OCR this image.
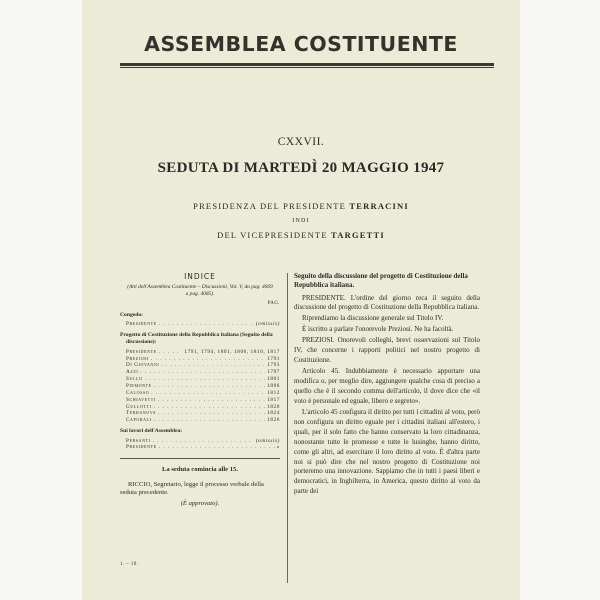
ASSEMBLEA COSTITUENTE
CXXVII.
SEDUTA DI MARTEDÌ 20 MAGGIO 1947
PRESIDENZA DEL PRESIDENTE TERRACINI
INDI
DEL VICEPRESIDENTE TARGETTI
INDICE
(Atti dell'Assemblea Costituente – Discussioni, Vol. V, da pag. 4069 a pag. 4085).
PAG.
Congedo:
Presidente . . .	(omissis)
Progetto di Costituzione della Repubblica italiana (Seguito della discussione):
Presidente . . .	1791, 1794, 1801, 1806, 1810, 1817
Preziosi . . .	1791
Di Giovanni . . .	1793
Azzi . . .	1797
Sullo . . .	1801
Piemonte . . .	1806
Calosso . . .	1812
Schiavetti . . .	1817
Gullotti . . .	1820
Terranova . . .	1824
Caporali . . .	1826
Sui lavori dell'Assemblea:
Persanti . . .	(omissis)
Presidente . . .	»
La seduta comincia alle 15.
RICCIO, Segretario, legge il processo verbale della seduta precedente.
(È approvato).
Seguito della discussione del progetto di Costituzione della Repubblica italiana.

PRESIDENTE. L'ordine del giorno reca il seguito della discussione del progetto di Costituzione della Repubblica italiana.

Riprendiamo la discussione generale sul Titolo IV.

È iscritto a parlare l'onorevole Preziosi. Ne ha facoltà.

PREZIOSI. Onorevoli colleghi, brevi osservazioni sul Titolo IV, che concerne i rapporti politici nel nostro progetto di Costituzione.

Articolo 45. Indubbiamente è necessario apportare una modifica o, per meglio dire, aggiungere qualche cosa di preciso a quello che è il secondo comma dell'articolo, il dove dice che «il voto è personale ed eguale, libero e segreto».

L'articolo 45 configura il diritto per tutti i cittadini al voto, però non configura un diritto eguale per i cittadini italiani all'estero, i quali, per il solo fatto che hanno conservato la loro cittadinanza, nonostante tutte le promesse e tutte le lusinghe, hanno diritto, come gli altri, ad esercitare il loro diritto al voto. È d'altra parte noi si può dire che nel nostro progetto di Costituzione noi porteremo una innovazione. Sappiamo che in tutti i paesi liberi e democratici, in Inghilterra, in America, questo diritto al voto da parte dei

1. – 10.
